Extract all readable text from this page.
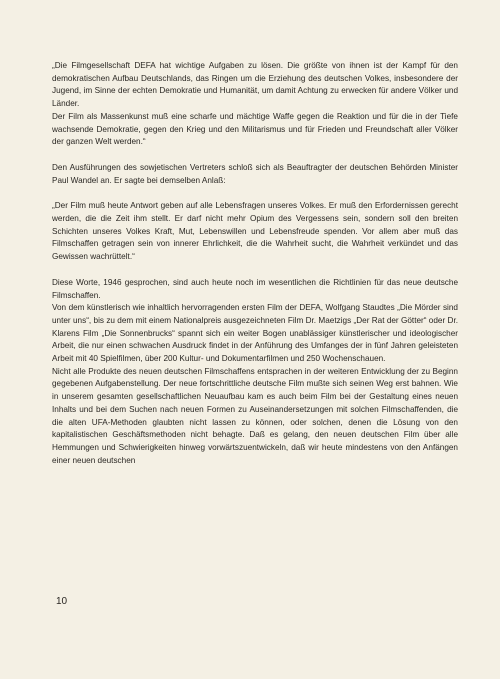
„Die Filmgesellschaft DEFA hat wichtige Aufgaben zu lösen. Die größte von ihnen ist der Kampf für den demokratischen Aufbau Deutschlands, das Ringen um die Erziehung des deutschen Volkes, insbesondere der Jugend, im Sinne der echten Demokratie und Humanität, um damit Achtung zu erwecken für andere Völker und Länder.

Der Film als Massenkunst muß eine scharfe und mächtige Waffe gegen die Reaktion und für die in der Tiefe wachsende Demokratie, gegen den Krieg und den Militarismus und für Frieden und Freundschaft aller Völker der ganzen Welt werden.“

Den Ausführungen des sowjetischen Vertreters schloß sich als Beauftragter der deutschen Behörden Minister Paul Wandel an. Er sagte bei demselben Anlaß:

„Der Film muß heute Antwort geben auf alle Lebensfragen unseres Volkes. Er muß den Erfordernissen gerecht werden, die die Zeit ihm stellt. Er darf nicht mehr Opium des Vergessens sein, sondern soll den breiten Schichten unseres Volkes Kraft, Mut, Lebenswillen und Lebensfreude spenden. Vor allem aber muß das Filmschaffen getragen sein von innerer Ehrlichkeit, die die Wahrheit sucht, die Wahrheit verkündet und das Gewissen wachrüttelt.“

Diese Worte, 1946 gesprochen, sind auch heute noch im wesentlichen die Richtlinien für das neue deutsche Filmschaffen.

Von dem künstlerisch wie inhaltlich hervorragenden ersten Film der DEFA, Wolfgang Staudtes „Die Mörder sind unter uns“, bis zu dem mit einem Nationalpreis ausgezeichneten Film Dr. Maetzigs „Der Rat der Götter“ oder Dr. Klarens Film „Die Sonnenbrucks“ spannt sich ein weiter Bogen unablässiger künstlerischer und ideologischer Arbeit, die nur einen schwachen Ausdruck findet in der Anführung des Umfanges der in fünf Jahren geleisteten Arbeit mit 40 Spielfilmen, über 200 Kultur- und Dokumentarfilmen und 250 Wochenschauen.

Nicht alle Produkte des neuen deutschen Filmschaffens entsprachen in der weiteren Entwicklung der zu Beginn gegebenen Aufgabenstellung. Der neue fortschrittliche deutsche Film mußte sich seinen Weg erst bahnen. Wie in unserem gesamten gesellschaftlichen Neuaufbau kam es auch beim Film bei der Gestaltung eines neuen Inhalts und bei dem Suchen nach neuen Formen zu Auseinandersetzungen mit solchen Filmschaffenden, die die alten UFA-Methoden glaubten nicht lassen zu können, oder solchen, denen die Lösung von den kapitalistischen Geschäftsmethoden nicht behagte. Daß es gelang, den neuen deutschen Film über alle Hemmungen und Schwierigkeiten hinweg vorwärtszuentwickeln, daß wir heute mindestens von den Anfängen einer neuen deutschen

10
